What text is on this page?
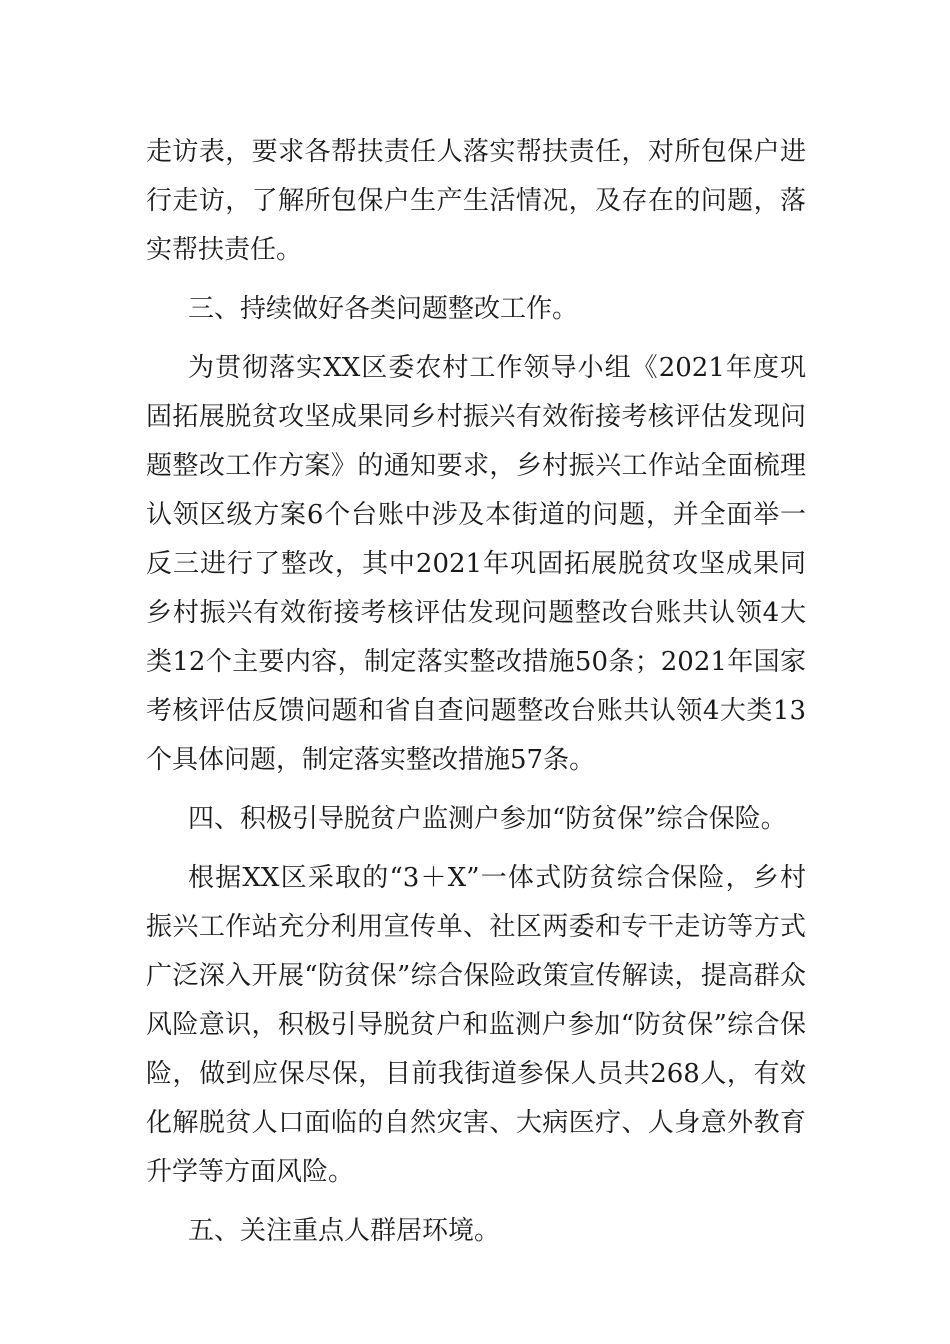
走访表，要求各帮扶责任人落实帮扶责任，对所包保户进行走访，了解所包保户生产生活情况，及存在的问题，落实帮扶责任。

三、持续做好各类问题整改工作。

为贯彻落实XX区委农村工作领导小组《2021年度巩固拓展脱贫攻坚成果同乡村振兴有效衔接考核评估发现问题整改工作方案》的通知要求，乡村振兴工作站全面梳理认领区级方案6个台账中涉及本街道的问题，并全面举一反三进行了整改，其中2021年巩固拓展脱贫攻坚成果同乡村振兴有效衔接考核评估发现问题整改台账共认领4大类12个主要内容，制定落实整改措施50条；2021年国家考核评估反馈问题和省自查问题整改台账共认领4大类13个具体问题，制定落实整改措施57条。

四、积极引导脱贫户监测户参加“防贫保”综合保险。

根据XX区采取的“3＋X”一体式防贫综合保险，乡村振兴工作站充分利用宣传单、社区两委和专干走访等方式广泛深入开展“防贫保”综合保险政策宣传解读，提高群众风险意识，积极引导脱贫户和监测户参加“防贫保”综合保险，做到应保尽保，目前我街道参保人员共268人，有效化解脱贫人口面临的自然灾害、大病医疗、人身意外教育升学等方面风险。

五、关注重点人群居环境。
